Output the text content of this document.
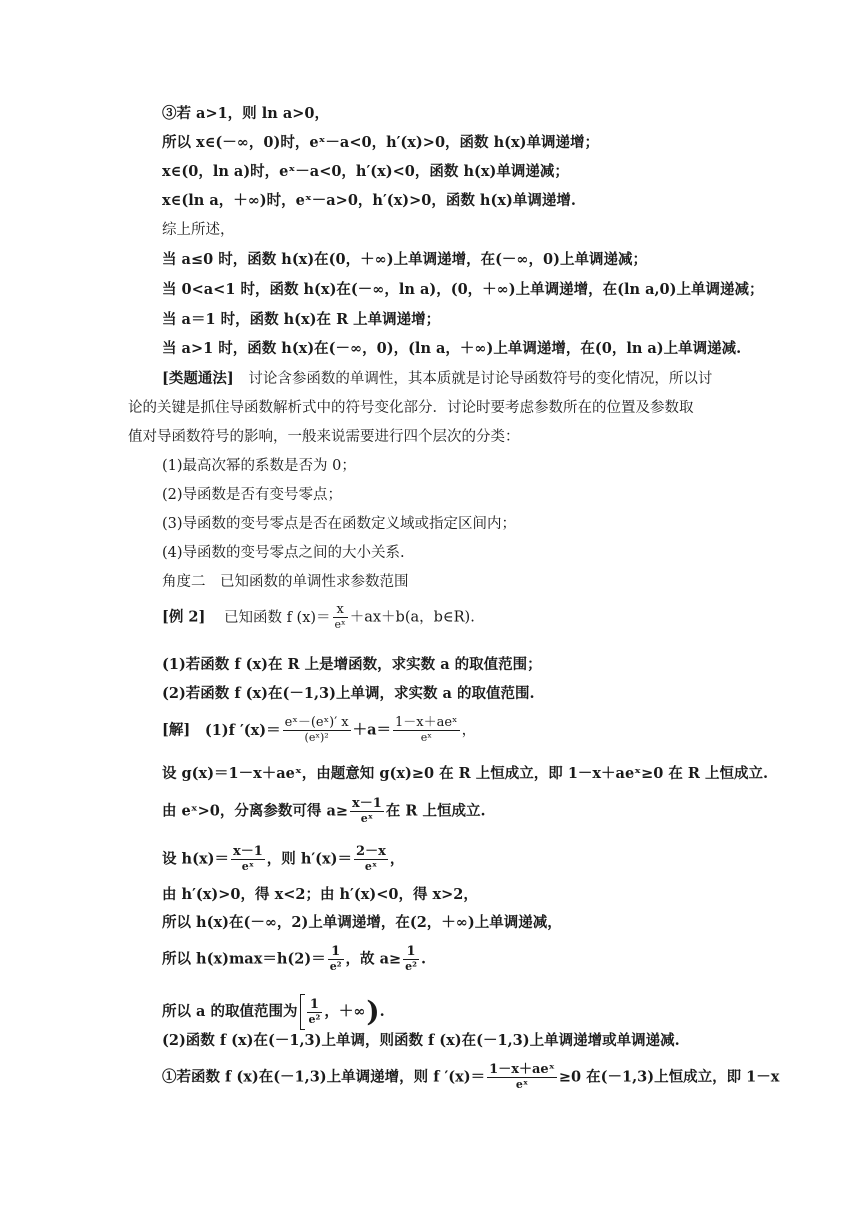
③若 a>1，则 ln a>0，
所以 x∈(－∞，0)时，eˣ－a<0，h′(x)>0，函数 h(x)单调递增；
x∈(0，ln a)时，eˣ－a<0，h′(x)<0，函数 h(x)单调递减；
x∈(ln a，＋∞)时，eˣ－a>0，h′(x)>0，函数 h(x)单调递增.
综上所述，
当 a≤0 时，函数 h(x)在(0，＋∞)上单调递增，在(－∞，0)上单调递减；
当 0<a<1 时，函数 h(x)在(－∞，ln a)，(0，＋∞)上单调递增，在(ln a,0)上单调递减；
当 a＝1 时，函数 h(x)在 R 上单调递增；
当 a>1 时，函数 h(x)在(－∞，0)，(ln a，＋∞)上单调递增，在(0，ln a)上单调递减.
[类题通法] 讨论含参函数的单调性，其本质就是讨论导函数符号的变化情况，所以讨
论的关键是抓住导函数解析式中的符号变化部分．讨论时要考虑参数所在的位置及参数取
值对导函数符号的影响，一般来说需要进行四个层次的分类：
(1)最高次幂的系数是否为 0；
(2)导函数是否有变号零点；
(3)导函数的变号零点是否在函数定义域或指定区间内；
(4)导函数的变号零点之间的大小关系.
角度二　已知函数的单调性求参数范围
[例 2] 已知函数 f $(x)= \frac{x}{\text{eˣ}} +ax+b(a$，b∈R).
(1)若函数 f (x)在 R 上是增函数，求实数 a 的取值范围；
(2)若函数 f (x)在(－1,3)上单调，求实数 a 的取值范围.
[解] (1)f $'(x)= \frac{\text{eˣ－(eˣ)′ x}}{\text{(eˣ)²}} +a= \frac{\text{1－x＋aeˣ}}{\text{eˣ}}$ ，
设 g(x)＝1－x＋aeˣ，由题意知 g(x)≥0 在 R 上恒成立，即 1－x＋aeˣ≥0 在 R 上恒成立.
由 eˣ>0，分离参数可得 $a\ge \frac{x-1}{\text{eˣ}}$ 在 R 上恒成立.
设 $h(x)= \frac{x-1}{\text{eˣ}}$ ，则 $h'(x)= \frac{2-x}{\text{eˣ}}$ ，
由 h′(x)>0，得 x<2；由 h′(x)<0，得 x>2，
所以 h(x)在(－∞，2)上单调递增，在(2，＋∞)上单调递减，
所以 $h(x)\max=h(2)= \frac{1}{\text{e²}}$ ，故 $a\ge \frac{1}{\text{e²}}$ .
所以 a 的取值范围为 $\frac{1}{\text{e²}}$ ，＋∞).
(2)函数 f (x)在(－1,3)上单调，则函数 f (x)在(－1,3)上单调递增或单调递减.
①若函数 f (x)在(－1,3)上单调递增，则 f $'(x)= \frac{\text{1－x＋aeˣ}}{\text{eˣ}} \ge 0$ 在(－1,3)上恒成立，即 1－x
